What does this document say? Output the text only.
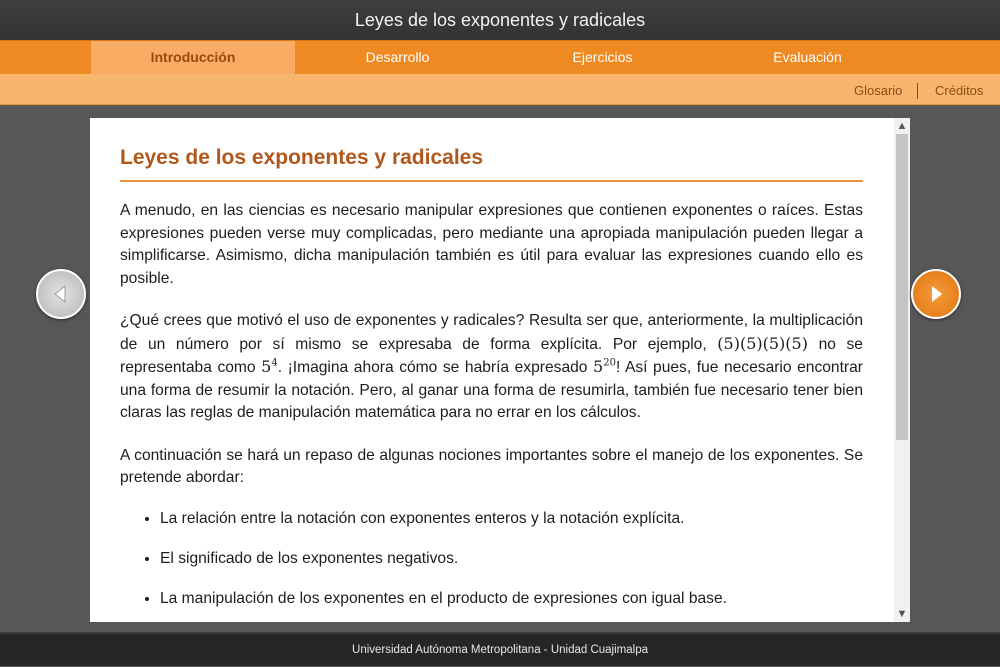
Leyes de los exponentes y radicales
Introducción	Desarrollo	Ejercicios	Evaluación
Glosario	Créditos
Leyes de los exponentes y radicales

A menudo, en las ciencias es necesario manipular expresiones que contienen exponentes o raíces. Estas expresiones pueden verse muy complicadas, pero mediante una apropiada manipulación pueden llegar a simplificarse. Asimismo, dicha manipulación también es útil para evaluar las expresiones cuando ello es posible.

¿Qué crees que motivó el uso de exponentes y radicales? Resulta ser que, anteriormente, la multiplicación de un número por sí mismo se expresaba de forma explícita. Por ejemplo, (5)(5)(5)(5) no se representaba como $5^4$. ¡Imagina ahora cómo se habría expresado $5^{20}$! Así pues, fue necesario encontrar una forma de resumir la notación. Pero, al ganar una forma de resumirla, también fue necesario tener bien claras las reglas de manipulación matemática para no errar en los cálculos.

A continuación se hará un repaso de algunas nociones importantes sobre el manejo de los exponentes. Se pretende abordar:

• La relación entre la notación con exponentes enteros y la notación explícita.
• El significado de los exponentes negativos.
• La manipulación de los exponentes en el producto de expresiones con igual base.
▲
▼
Universidad Autónoma Metropolitana - Unidad Cuajimalpa
